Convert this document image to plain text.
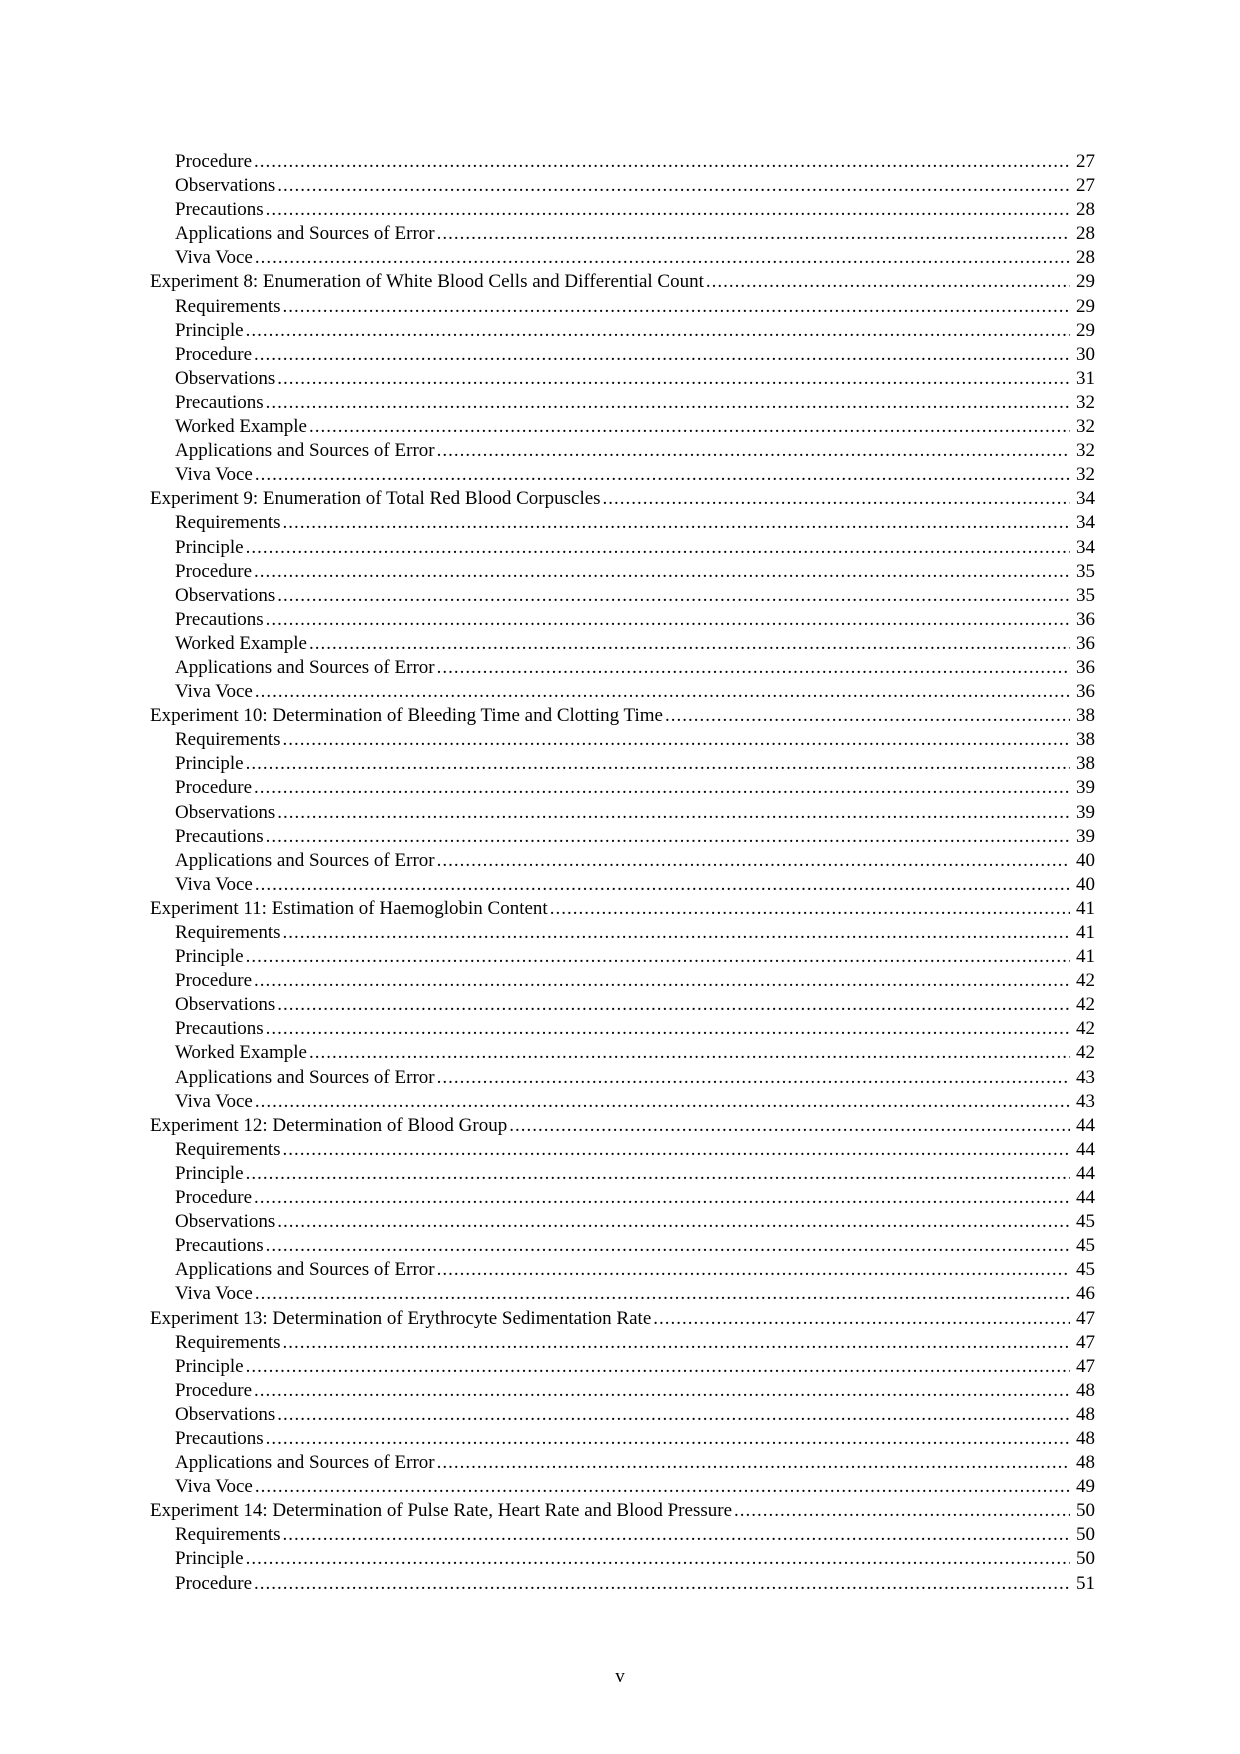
Procedure .....	27
Observations .....	27
Precautions .....	28
Applications and Sources of Error .....	28
Viva Voce .....	28
Experiment 8: Enumeration of White Blood Cells and Differential Count .....	29
Requirements .....	29
Principle .....	29
Procedure .....	30
Observations .....	31
Precautions .....	32
Worked Example .....	32
Applications and Sources of Error .....	32
Viva Voce .....	32
Experiment 9: Enumeration of Total Red Blood Corpuscles .....	34
Requirements .....	34
Principle .....	34
Procedure .....	35
Observations .....	35
Precautions .....	36
Worked Example .....	36
Applications and Sources of Error .....	36
Viva Voce .....	36
Experiment 10: Determination of Bleeding Time and Clotting Time .....	38
Requirements .....	38
Principle .....	38
Procedure .....	39
Observations .....	39
Precautions .....	39
Applications and Sources of Error .....	40
Viva Voce .....	40
Experiment 11: Estimation of Haemoglobin Content .....	41
Requirements .....	41
Principle .....	41
Procedure .....	42
Observations .....	42
Precautions .....	42
Worked Example .....	42
Applications and Sources of Error .....	43
Viva Voce .....	43
Experiment 12: Determination of Blood Group .....	44
Requirements .....	44
Principle .....	44
Procedure .....	44
Observations .....	45
Precautions .....	45
Applications and Sources of Error .....	45
Viva Voce .....	46
Experiment 13: Determination of Erythrocyte Sedimentation Rate .....	47
Requirements .....	47
Principle .....	47
Procedure .....	48
Observations .....	48
Precautions .....	48
Applications and Sources of Error .....	48
Viva Voce .....	49
Experiment 14: Determination of Pulse Rate, Heart Rate and Blood Pressure .....	50
Requirements .....	50
Principle .....	50
Procedure .....	51
v
